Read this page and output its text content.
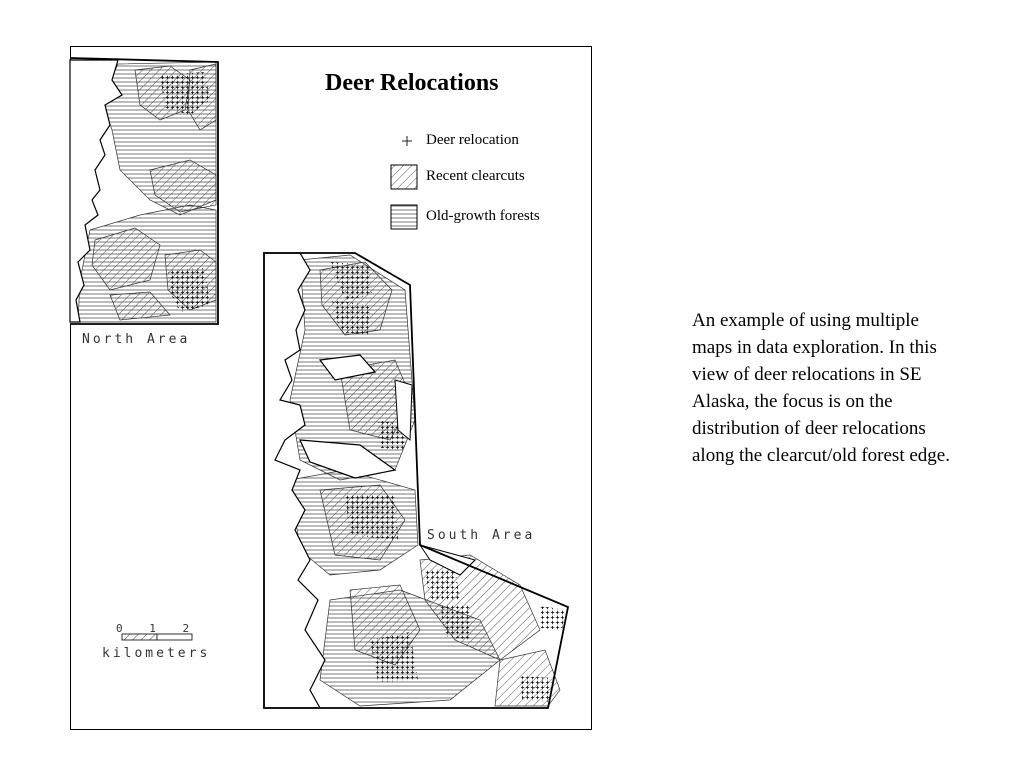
Deer Relocations
Deer relocation
Recent clearcuts
Old-growth forests
North Area
South Area
0 1 2
kilometers
An example of using multiple maps in data exploration. In this view of deer relocations in SE Alaska, the focus is on the distribution of deer relocations along the clearcut/old forest edge.
